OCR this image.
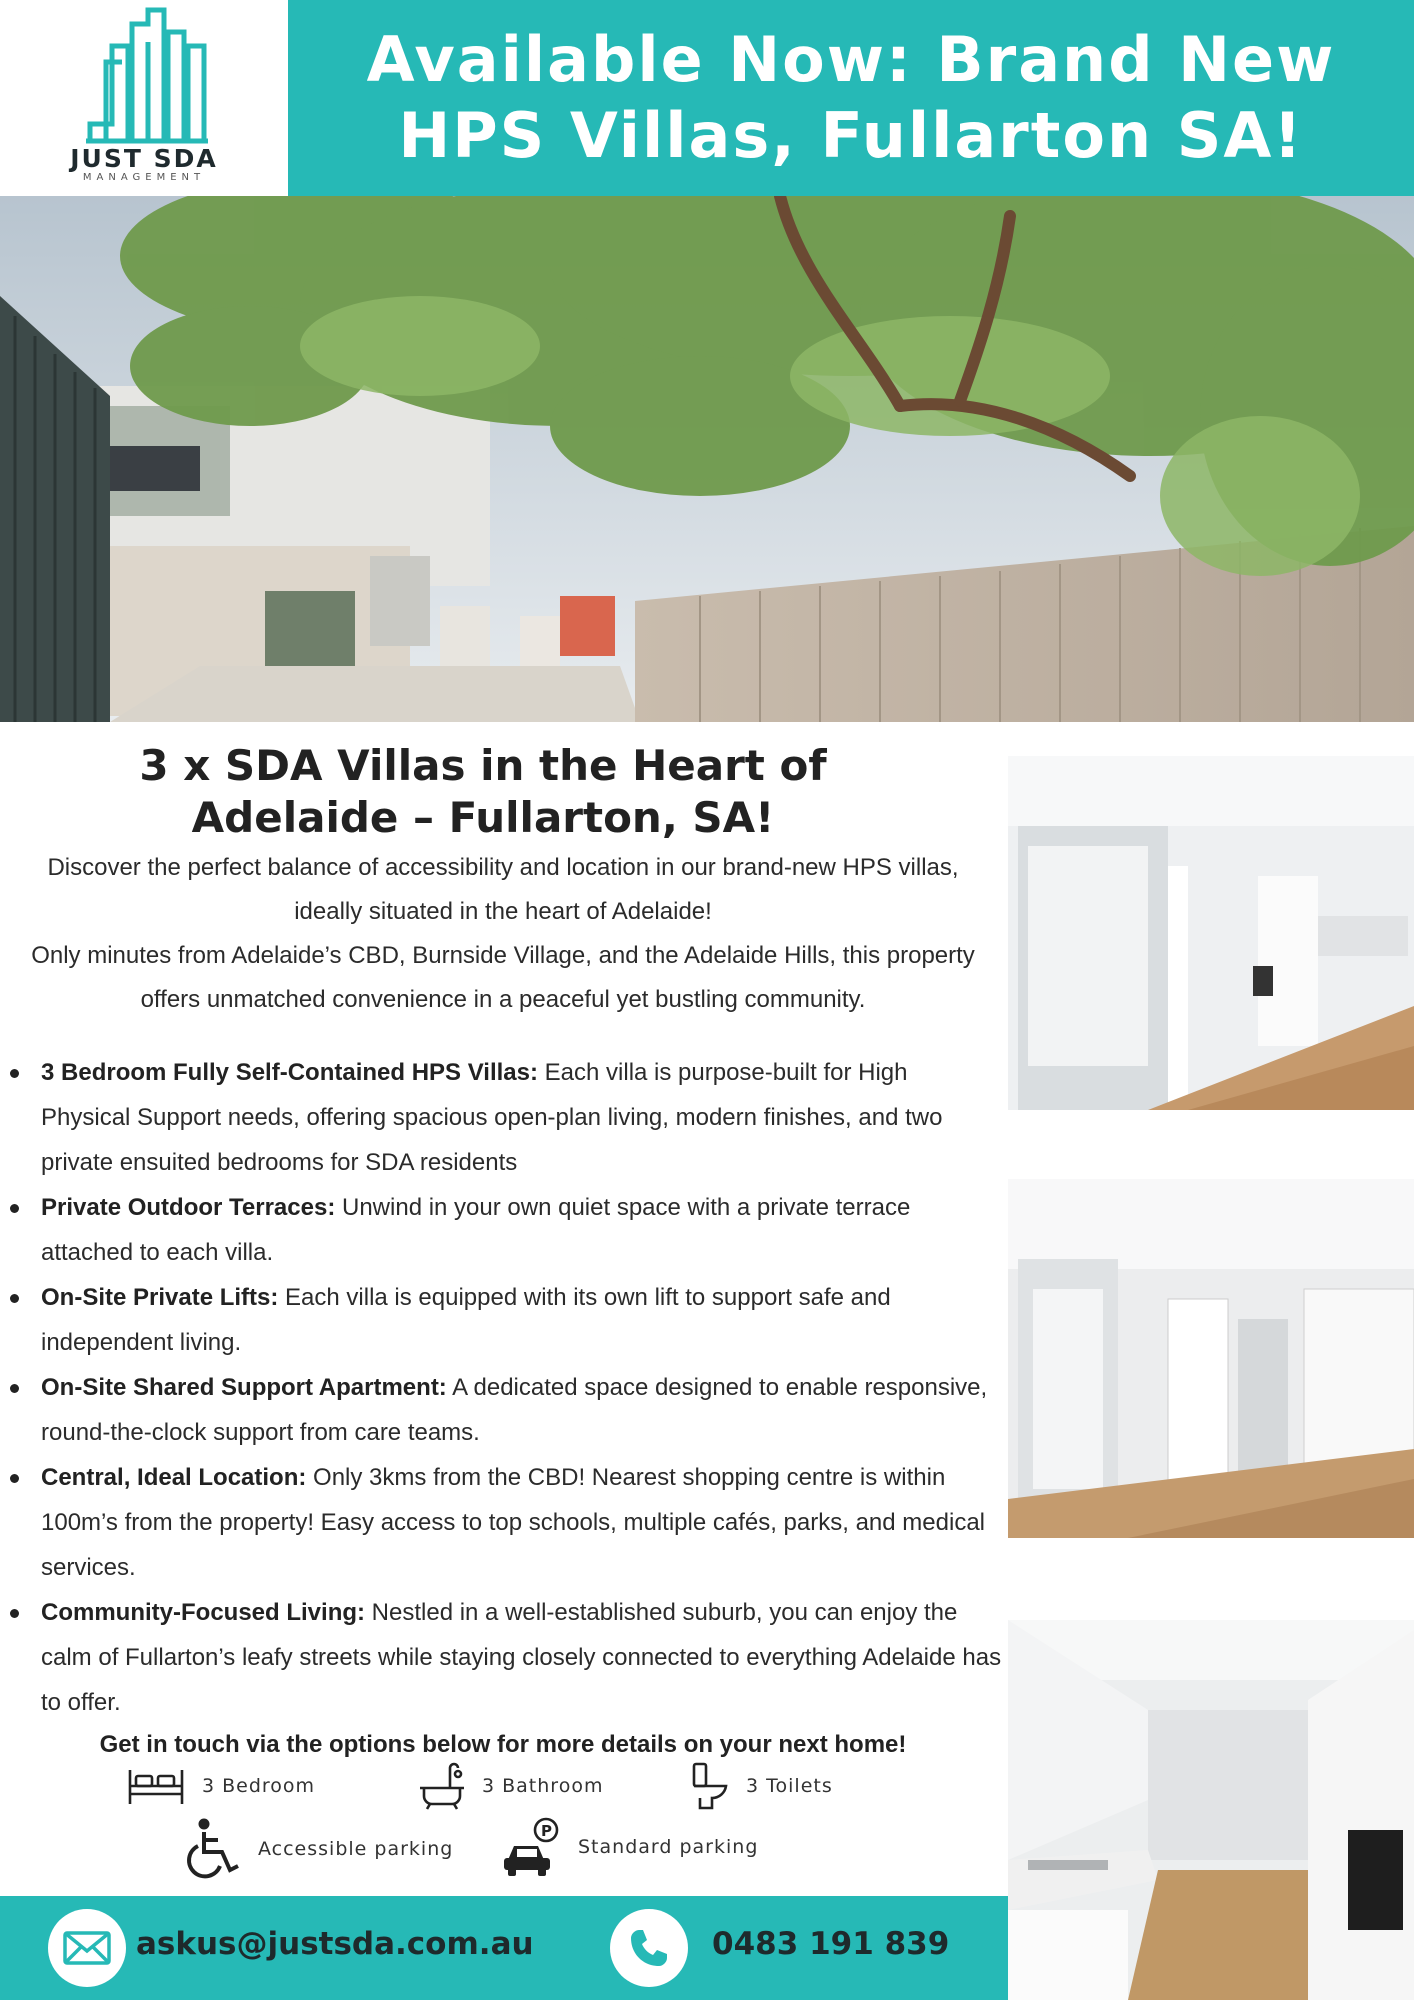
JUST SDA
MANAGEMENT
Available Now: Brand New
HPS Villas, Fullarton SA!
3 x SDA Villas in the Heart of
Adelaide – Fullarton, SA!
Discover the perfect balance of accessibility and location in our brand-new HPS villas,
ideally situated in the heart of Adelaide!
Only minutes from Adelaide’s CBD, Burnside Village, and the Adelaide Hills, this property
offers unmatched convenience in a peaceful yet bustling community.
3 Bedroom Fully Self-Contained HPS Villas: Each villa is purpose-built for High Physical Support needs, offering spacious open-plan living, modern finishes, and two private ensuited bedrooms for SDA residents
Private Outdoor Terraces: Unwind in your own quiet space with a private terrace attached to each villa.
On-Site Private Lifts: Each villa is equipped with its own lift to support safe and independent living.
On-Site Shared Support Apartment: A dedicated space designed to enable responsive, round-the-clock support from care teams.
Central, Ideal Location: Only 3kms from the CBD! Nearest shopping centre is within 100m’s from the property! Easy access to top schools, multiple cafés, parks, and medical services.
Community-Focused Living: Nestled in a well-established suburb, you can enjoy the calm of Fullarton’s leafy streets while staying closely connected to everything Adelaide has to offer.
Get in touch via the options below for more details on your next home!
3 Bedroom	3 Bathroom	3 Toilets
Accessible parking
P
Standard parking
askus@justsda.com.au	0483 191 839
